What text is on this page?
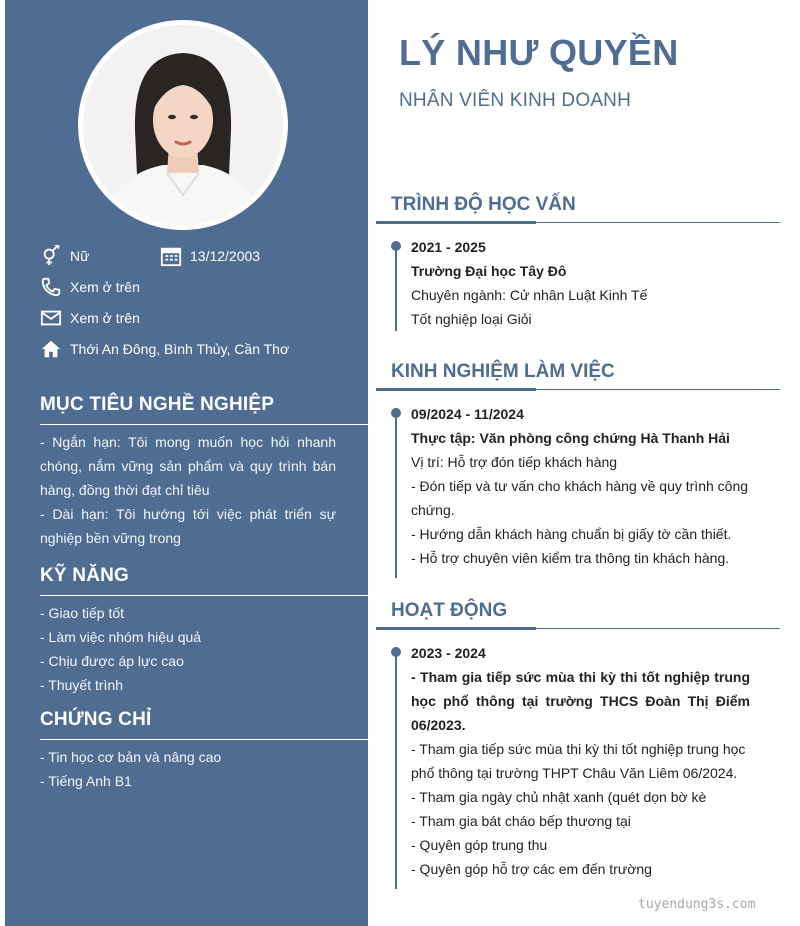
Nữ	13/12/2003
Xem ở trên
Xem ở trên
Thới An Đông, Bình Thủy, Cần Thơ
MỤC TIÊU NGHỀ NGHIỆP
- Ngắn hạn: Tôi mong muốn học hỏi nhanh chóng, nắm vững sản phẩm và quy trình bán hàng, đồng thời đạt chỉ tiêu
- Dài hạn: Tôi hướng tới việc phát triển sự nghiệp bền vững trong
KỸ NĂNG
- Giao tiếp tốt
- Làm việc nhóm hiệu quả
- Chịu được áp lực cao
- Thuyết trình
CHỨNG CHỈ
- Tin học cơ bản và nâng cao
- Tiếng Anh B1
LÝ NHƯ QUYỀN
NHÂN VIÊN KINH DOANH
TRÌNH ĐỘ HỌC VẤN
2021 - 2025
Trường Đại học Tây Đô
Chuyên ngành: Cử nhân Luật Kinh Tế
Tốt nghiệp loại Giỏi
KINH NGHIỆM LÀM VIỆC
09/2024 - 11/2024
Thực tập: Văn phòng công chứng Hà Thanh Hải
Vị trí: Hỗ trợ đón tiếp khách hàng
- Đón tiếp và tư vấn cho khách hàng về quy trình công chứng.
- Hướng dẫn khách hàng chuẩn bị giấy tờ cần thiết.
- Hỗ trợ chuyên viên kiểm tra thông tin khách hàng.
HOẠT ĐỘNG
2023 - 2024
- Tham gia tiếp sức mùa thi kỳ thi tốt nghiệp trung học phổ thông tại trường THCS Đoàn Thị Điểm 06/2023.
- Tham gia tiếp sức mùa thi kỳ thi tốt nghiệp trung học phổ thông tại trường THPT Châu Văn Liêm 06/2024.
- Tham gia ngày chủ nhật xanh (quét dọn bờ kè
- Tham gia bát cháo bếp thương tại
- Quyên góp trung thu
- Quyên góp hỗ trợ các em đến trường
tuyendung3s.com
